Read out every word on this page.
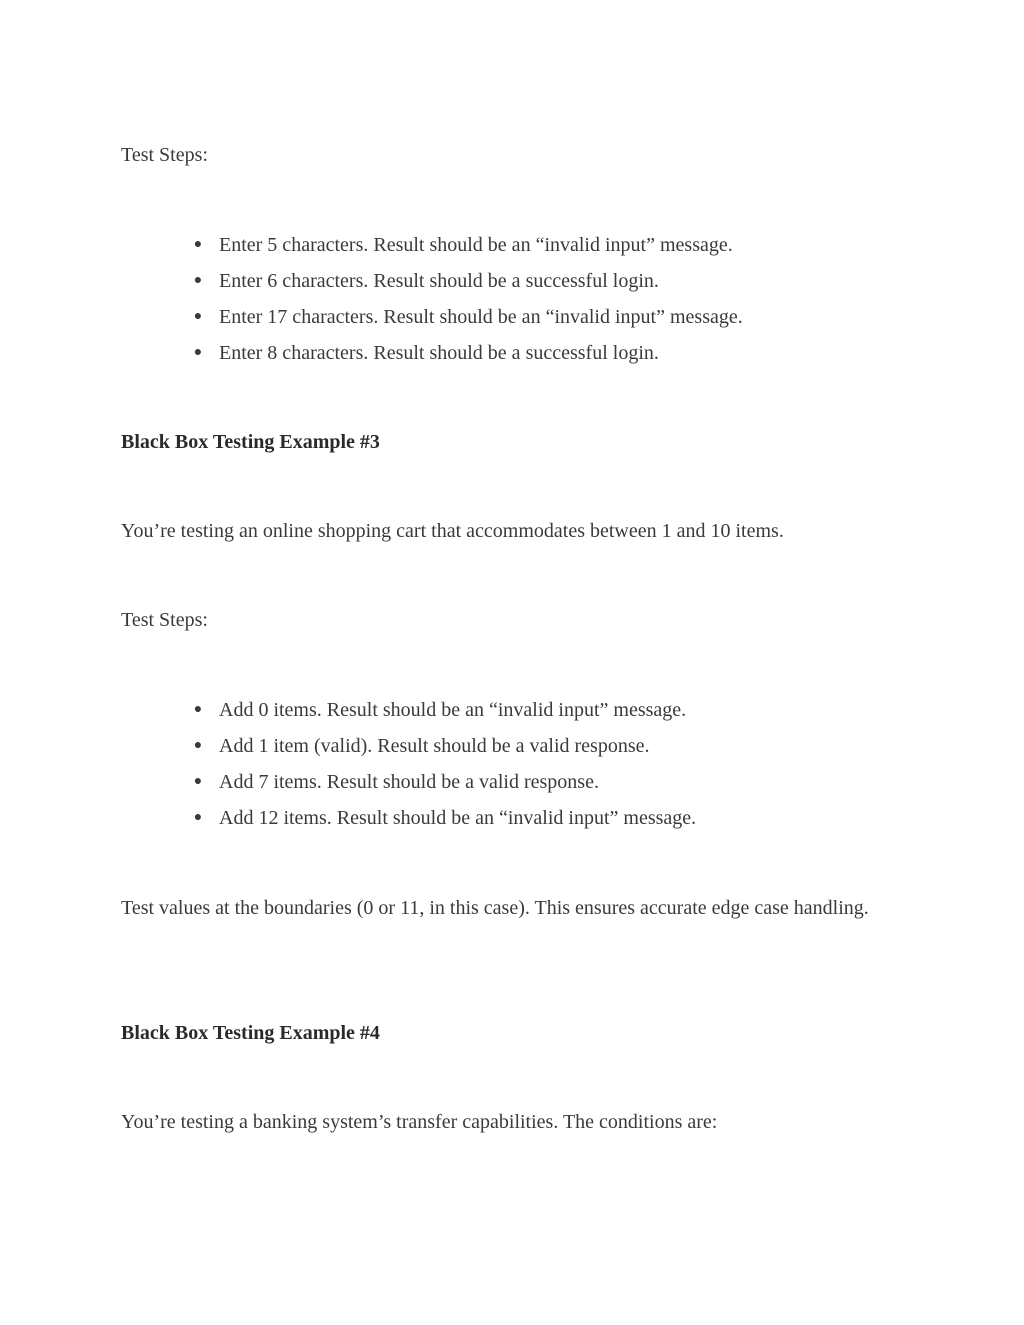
Test Steps:

● Enter 5 characters. Result should be an “invalid input” message.
● Enter 6 characters. Result should be a successful login.
● Enter 17 characters. Result should be an “invalid input” message.
● Enter 8 characters. Result should be a successful login.

Black Box Testing Example #3

You’re testing an online shopping cart that accommodates between 1 and 10 items.

Test Steps:

● Add 0 items. Result should be an “invalid input” message.
● Add 1 item (valid). Result should be a valid response.
● Add 7 items. Result should be a valid response.
● Add 12 items. Result should be an “invalid input” message.

Test values at the boundaries (0 or 11, in this case). This ensures accurate edge case handling.

Black Box Testing Example #4

You’re testing a banking system’s transfer capabilities. The conditions are:
